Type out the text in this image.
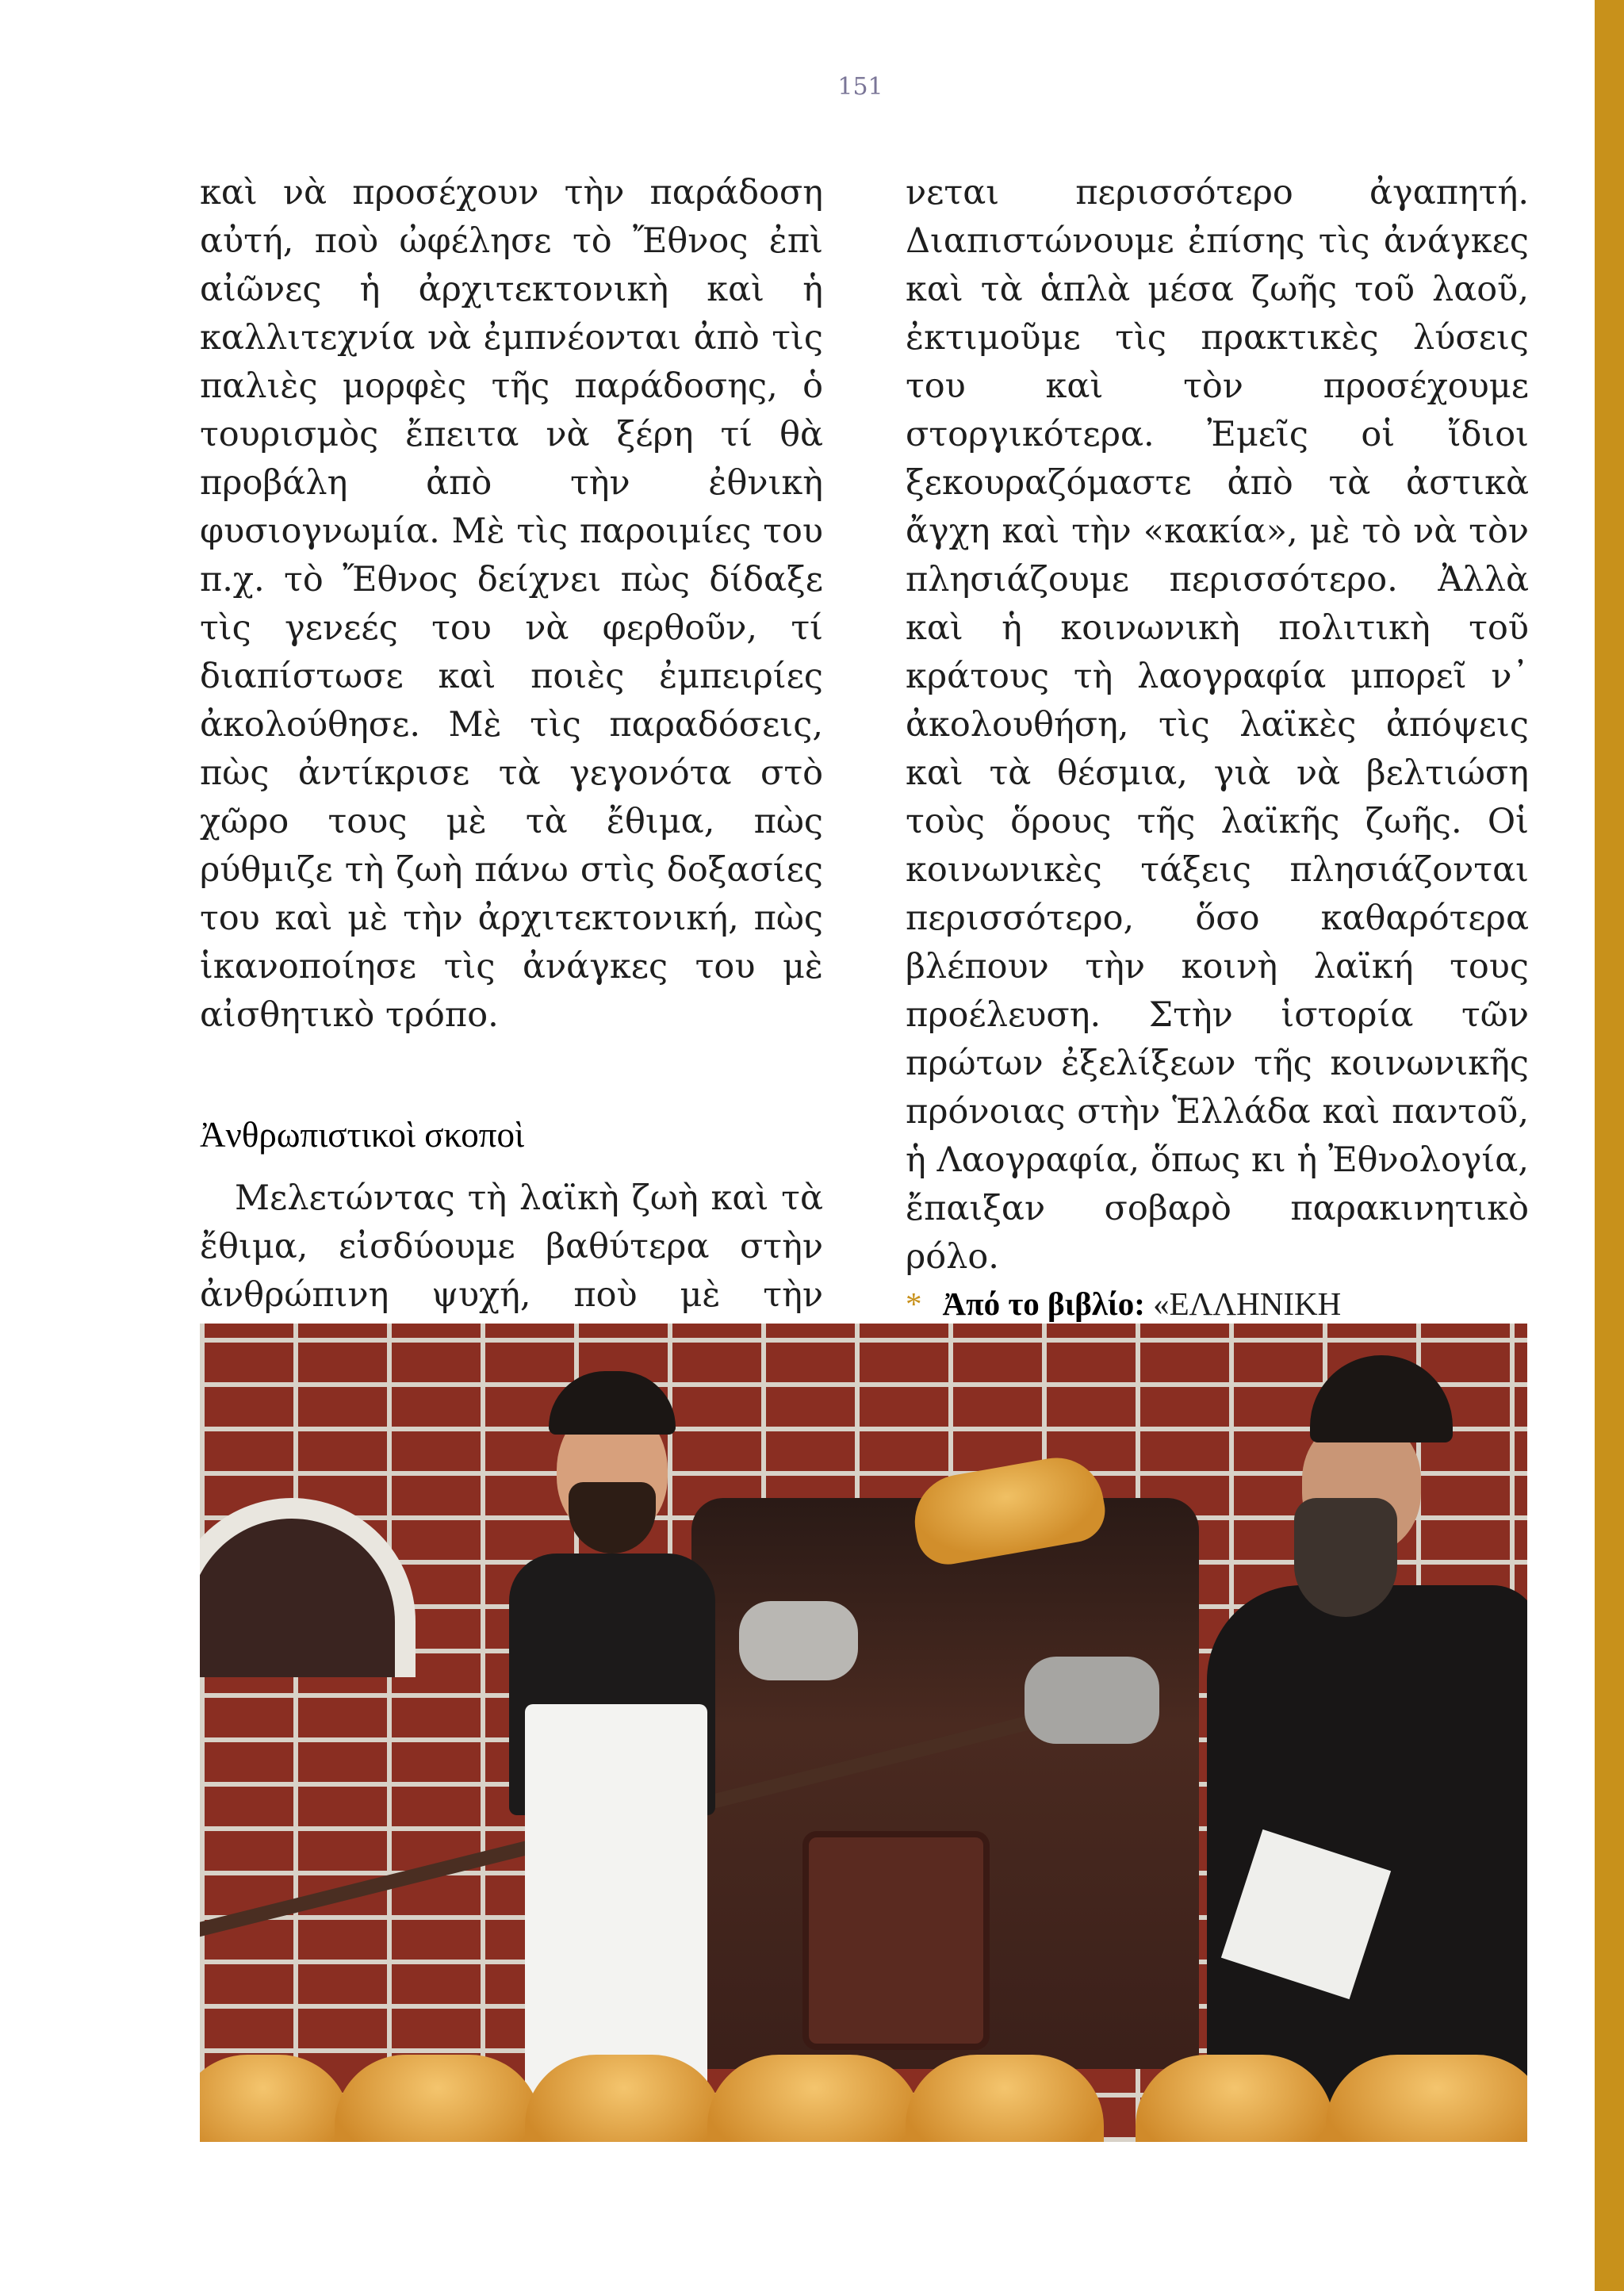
151

καὶ νὰ προσέχουν τὴν παράδοση αὐτή, ποὺ ὠφέλησε τὸ Ἔθνος ἐπὶ αἰῶνες ἡ ἀρχιτεκτονικὴ καὶ ἡ καλλιτεχνία νὰ ἐμπνέονται ἀπὸ τὶς παλιὲς μορφὲς τῆς παράδοσης, ὁ τουρισμὸς ἔπειτα νὰ ξέρη τί θὰ προβάλη ἀπὸ τὴν ἐθνικὴ φυσιογνωμία. Μὲ τὶς παροιμίες του π.χ. τὸ Ἔθνος δείχνει πὼς δίδαξε τὶς γενεές του νὰ φερθοῦν, τί διαπίστωσε καὶ ποιὲς ἐμπειρίες ἀκολούθησε. Μὲ τὶς παραδόσεις, πὼς ἀντίκρισε τὰ γεγονότα στὸ χῶρο τους μὲ τὰ ἔθιμα, πὼς ρύθμιζε τὴ ζωὴ πάνω στὶς δοξασίες του καὶ μὲ τὴν ἀρχιτεκτονική, πὼς ἱκανοποίησε τὶς ἀνάγκες του μὲ αἰσθητικὸ τρόπο.

Ἀνθρωπιστικοὶ σκοποὶ

Μελετώντας τὴ λαϊκὴ ζωὴ καὶ τὰ ἔθιμα, εἰσδύουμε βαθύτερα στὴν ἀνθρώπινη ψυχή, ποὺ μὲ τὴν

νεται περισσότερο ἀγαπητή. Διαπιστώνουμε ἐπίσης τὶς ἀνάγκες καὶ τὰ ἁπλὰ μέσα ζωῆς τοῦ λαοῦ, ἐκτιμοῦμε τὶς πρακτικὲς λύσεις του καὶ τὸν προσέχουμε στοργικότερα. Ἐμεῖς οἱ ἴδιοι ξεκουραζόμαστε ἀπὸ τὰ ἀστικὰ ἄγχη καὶ τὴν «κακία», μὲ τὸ νὰ τὸν πλησιάζουμε περισσότερο. Ἀλλὰ καὶ ἡ κοινωνικὴ πολιτικὴ τοῦ κράτους τὴ λαογραφία μπορεῖ ν᾽ ἀκολουθήση, τὶς λαϊκὲς ἀπόψεις καὶ τὰ θέσμια, γιὰ νὰ βελτιώση τοὺς ὅρους τῆς λαϊκῆς ζωῆς. Οἱ κοινωνικὲς τάξεις πλησιάζονται περισσότερο, ὅσο καθαρότερα βλέπουν τὴν κοινὴ λαϊκή τους προέλευση. Στὴν ἱστορία τῶν πρώτων ἐξελίξεων τῆς κοινωνικῆς πρόνοιας στὴν Ἑλλάδα καὶ παντοῦ, ἡ Λαογραφία, ὅπως κι ἡ Ἐθνολογία, ἔπαιξαν σοβαρὸ παρακινητικὸ ρόλο.

* Ἀπό το βιβλίο: «ΕΛΛΗΝΙΚΗ
